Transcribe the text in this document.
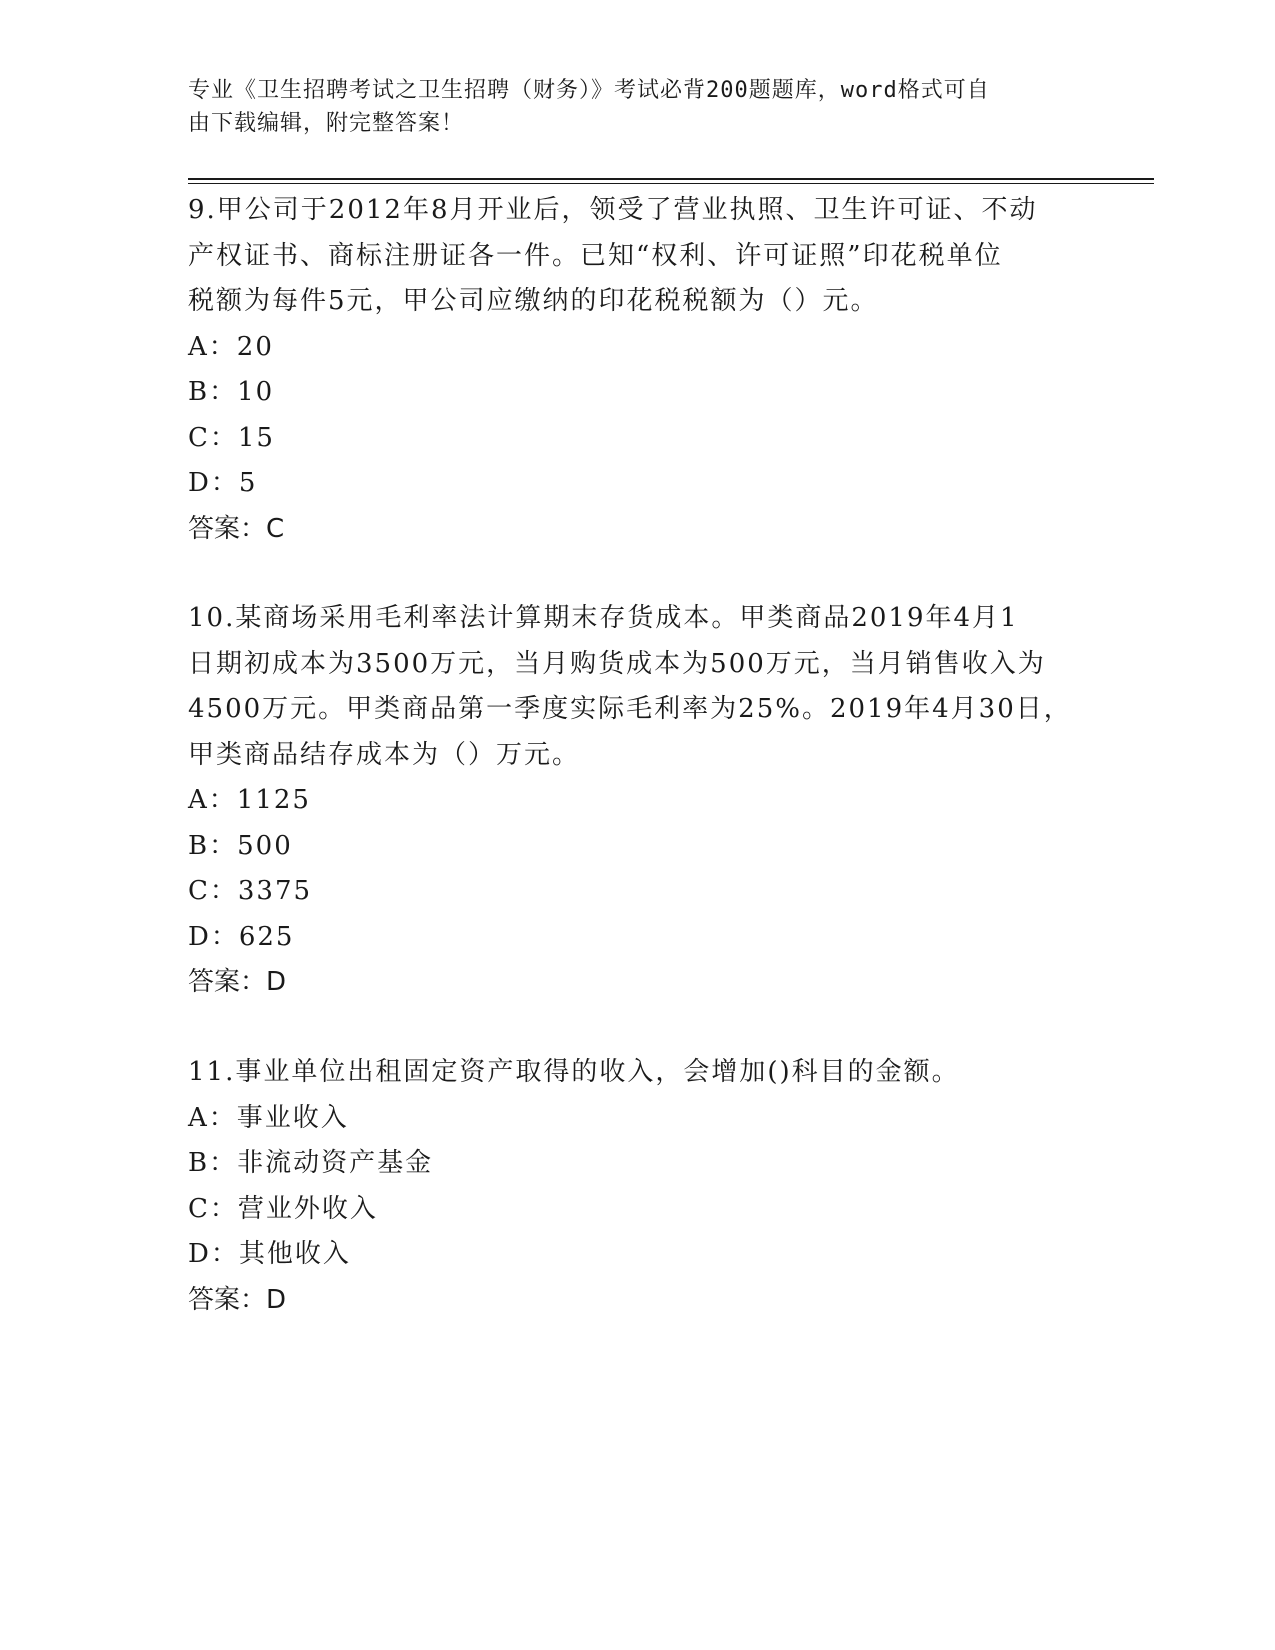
专业《卫生招聘考试之卫生招聘（财务）》考试必背200题题库，word格式可自
由下载编辑，附完整答案！

9.甲公司于2012年8月开业后，领受了营业执照、卫生许可证、不动

产权证书、商标注册证各一件。已知“权利、许可证照”印花税单位

税额为每件5元，甲公司应缴纳的印花税税额为（）元。

A：20

B：10

C：15

D：5

答案：C

10.某商场采用毛利率法计算期末存货成本。甲类商品2019年4月1

日期初成本为3500万元，当月购货成本为500万元，当月销售收入为

4500万元。甲类商品第一季度实际毛利率为25%。2019年4月30日，

甲类商品结存成本为（）万元。

A：1125

B：500

C：3375

D：625

答案：D

11.事业单位出租固定资产取得的收入，会增加()科目的金额。

A：事业收入

B：非流动资产基金

C：营业外收入

D：其他收入

答案：D
